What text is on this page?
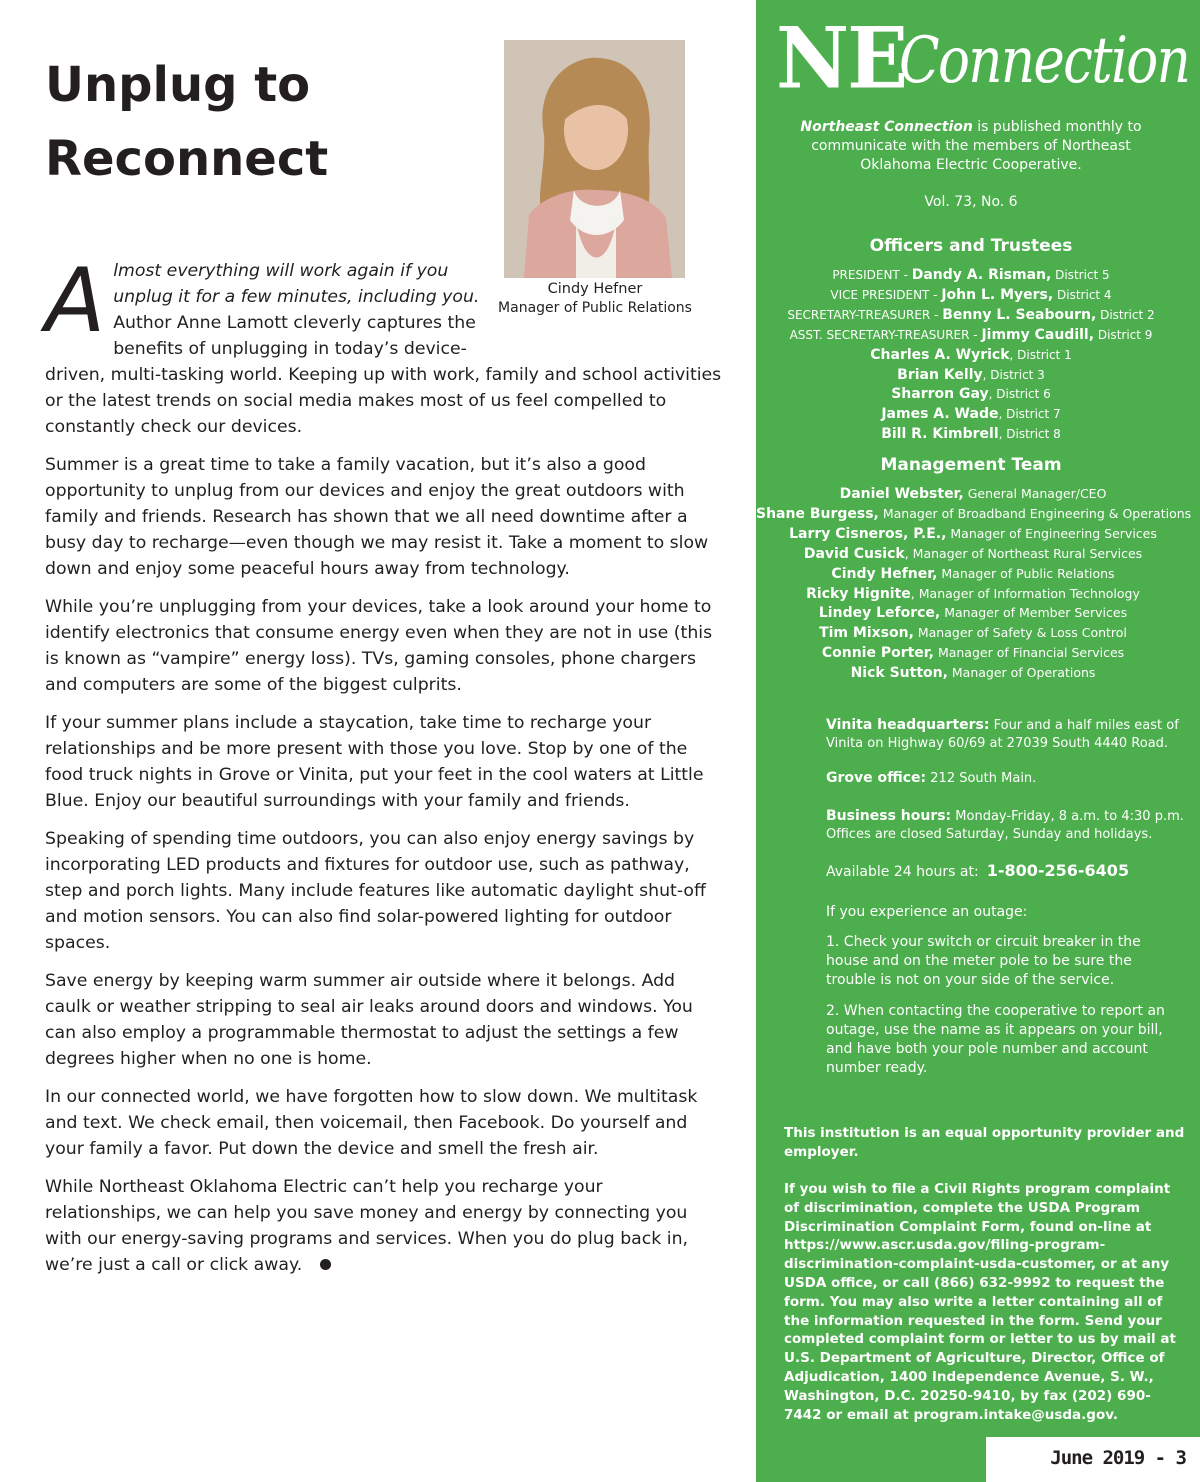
Unplug to
Reconnect
Cindy Hefner
Manager of Public Relations

Almost everything will work again if you unplug it for a few minutes, including you. Author Anne Lamott cleverly captures the benefits of unplugging in today’s device-driven, multi-tasking world. Keeping up with work, family and school activities or the latest trends on social media makes most of us feel compelled to constantly check our devices.

Summer is a great time to take a family vacation, but it’s also a good opportunity to unplug from our devices and enjoy the great outdoors with family and friends. Research has shown that we all need downtime after a busy day to recharge—even though we may resist it. Take a moment to slow down and enjoy some peaceful hours away from technology.

While you’re unplugging from your devices, take a look around your home to identify electronics that consume energy even when they are not in use (this is known as “vampire” energy loss). TVs, gaming consoles, phone chargers and computers are some of the biggest culprits.

If your summer plans include a staycation, take time to recharge your relationships and be more present with those you love. Stop by one of the food truck nights in Grove or Vinita, put your feet in the cool waters at Little Blue. Enjoy our beautiful surroundings with your family and friends.

Speaking of spending time outdoors, you can also enjoy energy savings by incorporating LED products and fixtures for outdoor use, such as pathway, step and porch lights. Many include features like automatic daylight shut-off and motion sensors. You can also find solar-powered lighting for outdoor spaces.

Save energy by keeping warm summer air outside where it belongs. Add caulk or weather stripping to seal air leaks around doors and windows. You can also employ a programmable thermostat to adjust the settings a few degrees higher when no one is home.

In our connected world, we have forgotten how to slow down. We multitask and text. We check email, then voicemail, then Facebook. Do yourself and your family a favor. Put down the device and smell the fresh air.

While Northeast Oklahoma Electric can’t help you recharge your relationships, we can help you save money and energy by connecting you with our energy-saving programs and services. When you do plug back in, we’re just a call or click away.

NE
Connection
Northeast Connection is published monthly to communicate with the members of Northeast Oklahoma Electric Cooperative.
Vol. 73, No. 6
Officers and Trustees
PRESIDENT - Dandy A. Risman, District 5
VICE PRESIDENT - John L. Myers, District 4
SECRETARY-TREASURER - Benny L. Seabourn, District 2
ASST. SECRETARY-TREASURER - Jimmy Caudill, District 9
Charles A. Wyrick, District 1
Brian Kelly, District 3
Sharron Gay, District 6
James A. Wade, District 7
Bill R. Kimbrell, District 8
Management Team
Daniel Webster, General Manager/CEO
Shane Burgess, Manager of Broadband Engineering & Operations
Larry Cisneros, P.E., Manager of Engineering Services
David Cusick, Manager of Northeast Rural Services
Cindy Hefner, Manager of Public Relations
Ricky Hignite, Manager of Information Technology
Lindey Leforce, Manager of Member Services
Tim Mixson, Manager of Safety & Loss Control
Connie Porter, Manager of Financial Services
Nick Sutton, Manager of Operations
Vinita headquarters: Four and a half miles east of Vinita on Highway 60/69 at 27039 South 4440 Road.
Grove office: 212 South Main.
Business hours: Monday-Friday, 8 a.m. to 4:30 p.m.
Offices are closed Saturday, Sunday and holidays.
Available 24 hours at: 1-800-256-6405
If you experience an outage:
1. Check your switch or circuit breaker in the house and on the meter pole to be sure the trouble is not on your side of the service.
2. When contacting the cooperative to report an outage, use the name as it appears on your bill, and have both your pole number and account number ready.
This institution is an equal opportunity provider and employer.
If you wish to file a Civil Rights program complaint of discrimination, complete the USDA Program Discrimination Complaint Form, found on-line at https://www.ascr.usda.gov/filing-program-discrimination-complaint-usda-customer, or at any USDA office, or call (866) 632-9992 to request the form. You may also write a letter containing all of the information requested in the form. Send your completed complaint form or letter to us by mail at U.S. Department of Agriculture, Director, Office of Adjudication, 1400 Independence Avenue, S. W., Washington, D.C. 20250-9410, by fax (202) 690-7442 or email at program.intake@usda.gov.
June 2019 - 3
